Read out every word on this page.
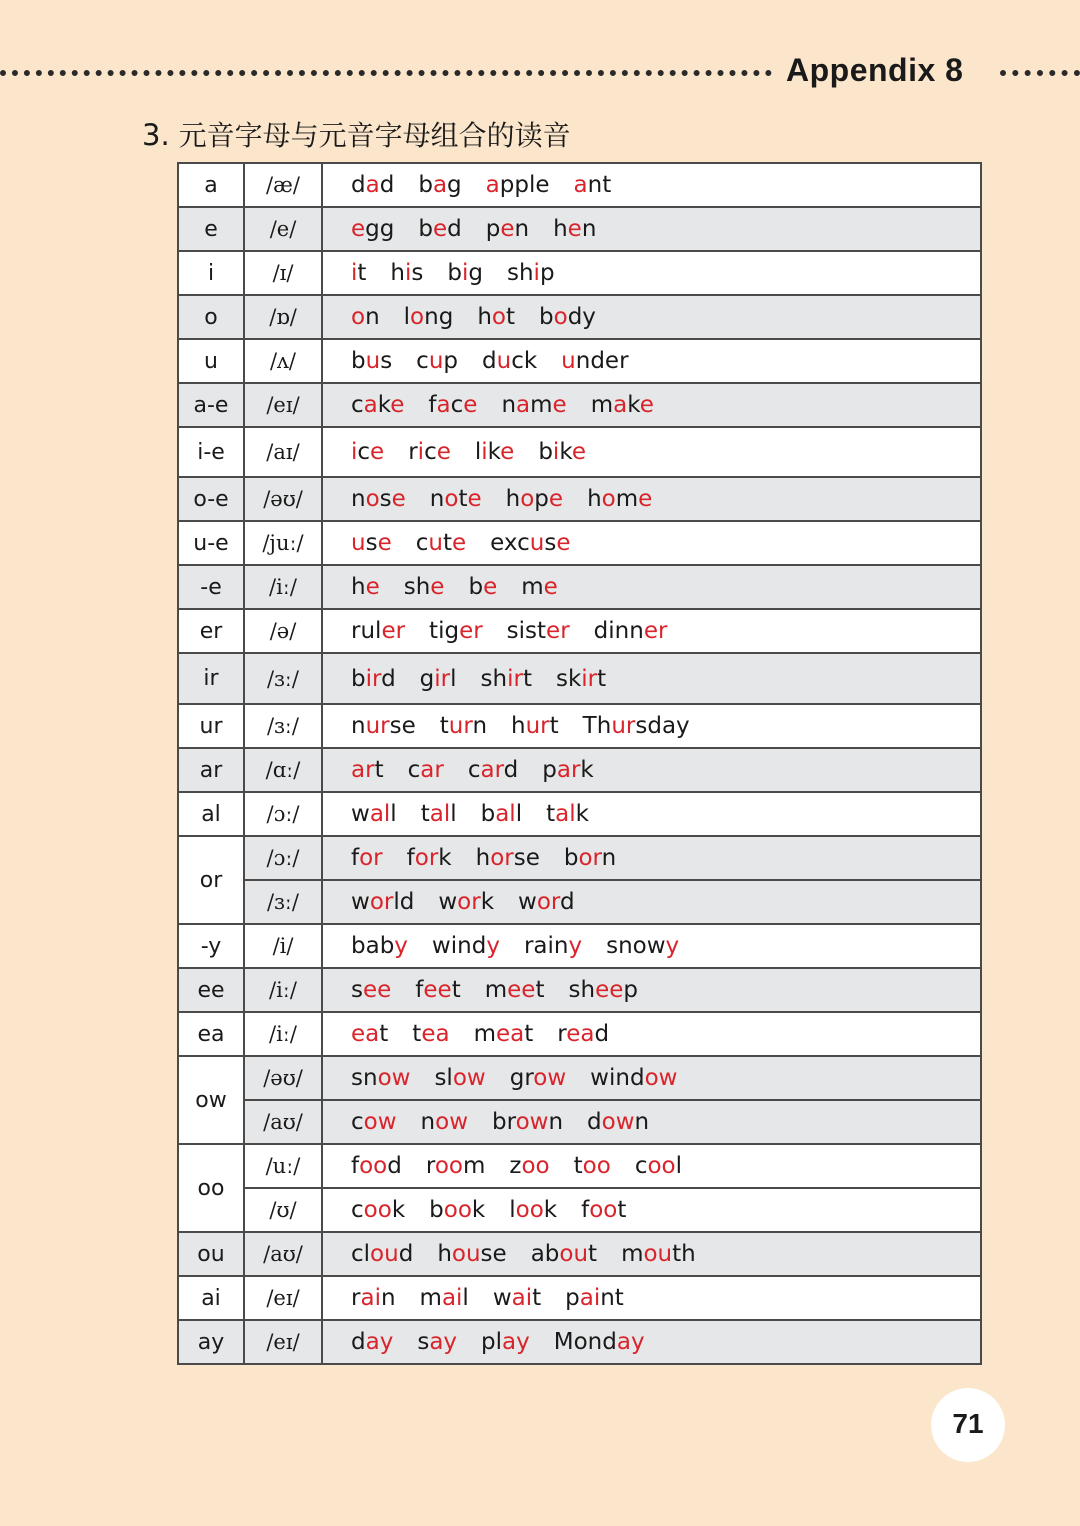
Appendix 8
3. 元音字母与元音字母组合的读音
a	/æ/	dad bag apple ant
e	/e/	egg bed pen hen
i	/ɪ/	it his big ship
o	/ɒ/	on long hot body
u	/ʌ/	bus cup duck under
a-e	/eɪ/	cake face name make
i-e	/aɪ/	ice rice like bike
o-e	/əʊ/	nose note hope home
u-e	/juː/	use cute excuse
-e	/iː/	he she be me
er	/ə/	ruler tiger sister dinner
ir	/ɜː/	bird girl shirt skirt
ur	/ɜː/	nurse turn hurt Thursday
ar	/ɑː/	art car card park
al	/ɔː/	wall tall ball talk
or	/ɔː/	for fork horse born
	/ɜː/	world work word
-y	/i/	baby windy rainy snowy
ee	/iː/	see feet meet sheep
ea	/iː/	eat tea meat read
ow	/əʊ/	snow slow grow window
	/aʊ/	cow now brown down
oo	/uː/	food room zoo too cool
	/ʊ/	cook book look foot
ou	/aʊ/	cloud house about mouth
ai	/eɪ/	rain mail wait paint
ay	/eɪ/	day say play Monday
71
